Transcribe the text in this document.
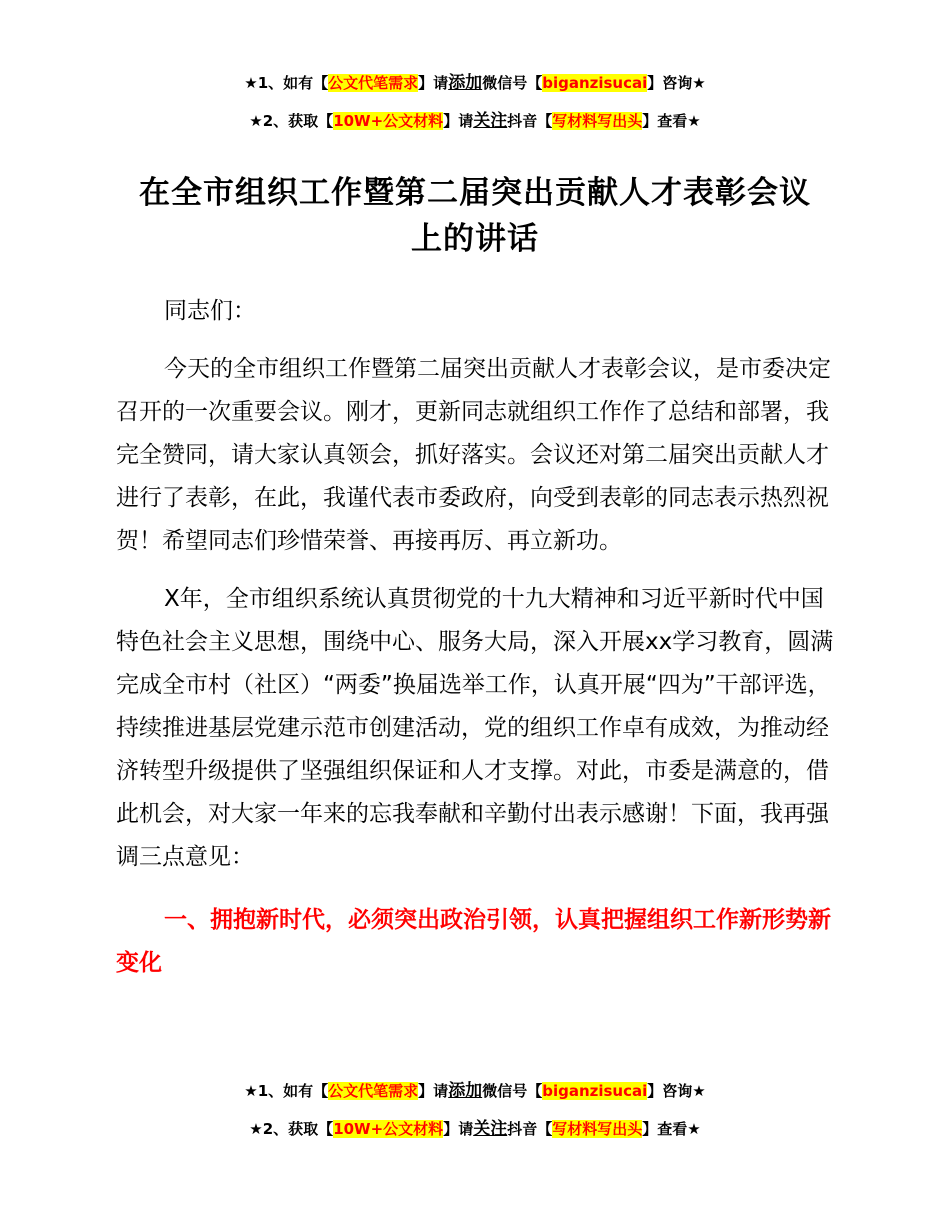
★1、如有【公文代笔需求】请添加微信号【biganzisucai】咨询★
★2、获取【10W+公文材料】请关注抖音【写材料写出头】查看★
在全市组织工作暨第二届突出贡献人才表彰会议
上的讲话

同志们：

今天的全市组织工作暨第二届突出贡献人才表彰会议，是市委决定召开的一次重要会议。刚才，更新同志就组织工作作了总结和部署，我完全赞同，请大家认真领会，抓好落实。会议还对第二届突出贡献人才进行了表彰，在此，我谨代表市委政府，向受到表彰的同志表示热烈祝贺！希望同志们珍惜荣誉、再接再厉、再立新功。

X年，全市组织系统认真贯彻党的十九大精神和习近平新时代中国特色社会主义思想，围绕中心、服务大局，深入开展xx学习教育，圆满完成全市村（社区）“两委”换届选举工作，认真开展“四为”干部评选，持续推进基层党建示范市创建活动，党的组织工作卓有成效，为推动经济转型升级提供了坚强组织保证和人才支撑。对此，市委是满意的，借此机会，对大家一年来的忘我奉献和辛勤付出表示感谢！下面，我再强调三点意见：

一、拥抱新时代，必须突出政治引领，认真把握组织工作新形势新变化

★1、如有【公文代笔需求】请添加微信号【biganzisucai】咨询★
★2、获取【10W+公文材料】请关注抖音【写材料写出头】查看★
